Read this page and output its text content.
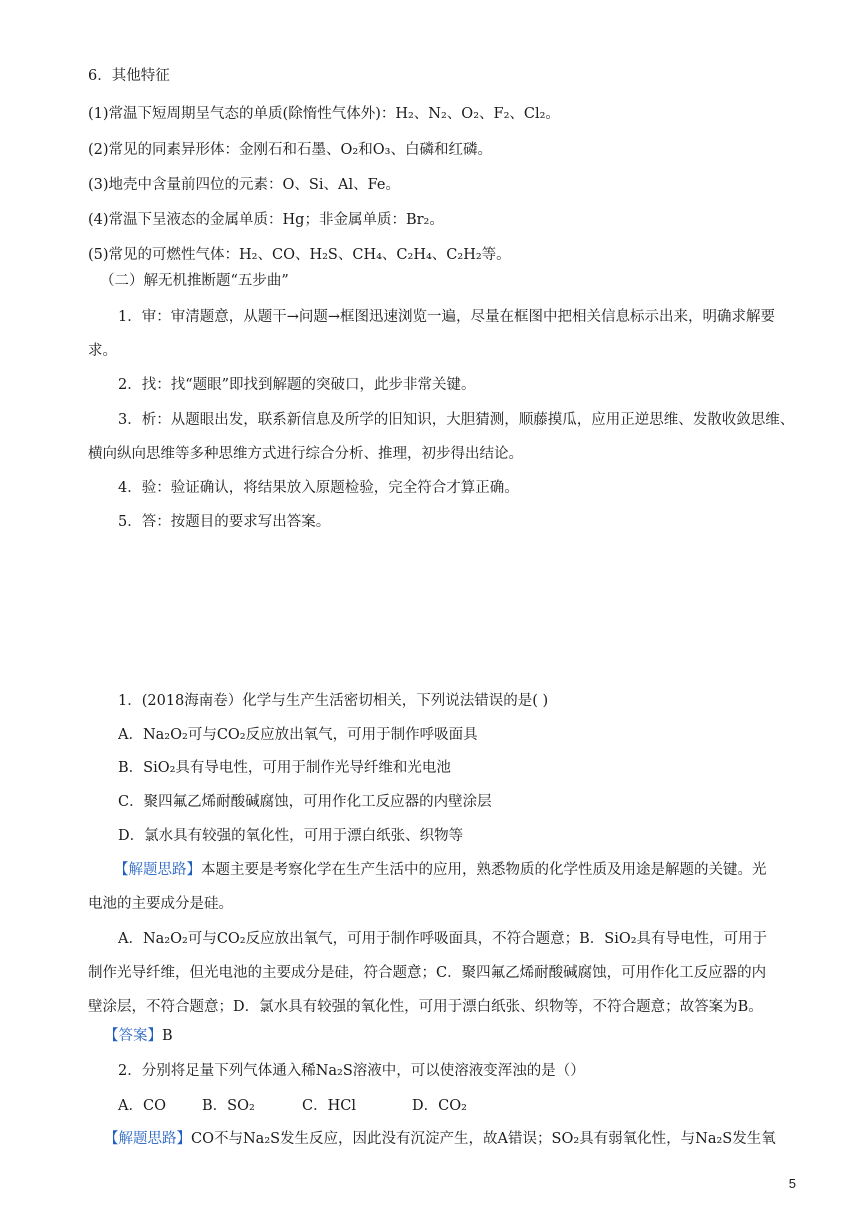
6．其他特征
(1)常温下短周期呈气态的单质(除惰性气体外)：H₂、N₂、O₂、F₂、Cl₂。
(2)常见的同素异形体：金刚石和石墨、O₂和O₃、白磷和红磷。
(3)地壳中含量前四位的元素：O、Si、Al、Fe。
(4)常温下呈液态的金属单质：Hg；非金属单质：Br₂。
(5)常见的可燃性气体：H₂、CO、H₂S、CH₄、C₂H₄、C₂H₂等。
（二）解无机推断题“五步曲”
1．审：审清题意，从题干→问题→框图迅速浏览一遍，尽量在框图中把相关信息标示出来，明确求解要
求。
2．找：找“题眼”即找到解题的突破口，此步非常关键。
3．析：从题眼出发，联系新信息及所学的旧知识，大胆猜测，顺藤摸瓜，应用正逆思维、发散收敛思维、
横向纵向思维等多种思维方式进行综合分析、推理，初步得出结论。
4．验：验证确认，将结果放入原题检验，完全符合才算正确。
5．答：按题目的要求写出答案。
1．(2018海南卷）化学与生产生活密切相关，下列说法错误的是( )
A．Na₂O₂可与CO₂反应放出氧气，可用于制作呼吸面具
B．SiO₂具有导电性，可用于制作光导纤维和光电池
C．聚四氟乙烯耐酸碱腐蚀，可用作化工反应器的内壁涂层
D．氯水具有较强的氧化性，可用于漂白纸张、织物等
【解题思路】本题主要是考察化学在生产生活中的应用，熟悉物质的化学性质及用途是解题的关键。光电池的主要成分是硅。
A．Na₂O₂可与CO₂反应放出氧气，可用于制作呼吸面具，不符合题意；B．SiO₂具有导电性，可用于制作光导纤维，但光电池的主要成分是硅，符合题意；C．聚四氟乙烯耐酸碱腐蚀，可用作化工反应器的内壁涂层，不符合题意；D．氯水具有较强的氧化性，可用于漂白纸张、织物等，不符合题意；故答案为B。
【答案】B
2．分别将足量下列气体通入稀Na₂S溶液中，可以使溶液变浑浊的是（）
A．CO B．SO₂	C．HCl	D．CO₂
【解题思路】CO不与Na₂S发生反应，因此没有沉淀产生，故A错误；SO₂具有弱氧化性，与Na₂S发生氧
5
